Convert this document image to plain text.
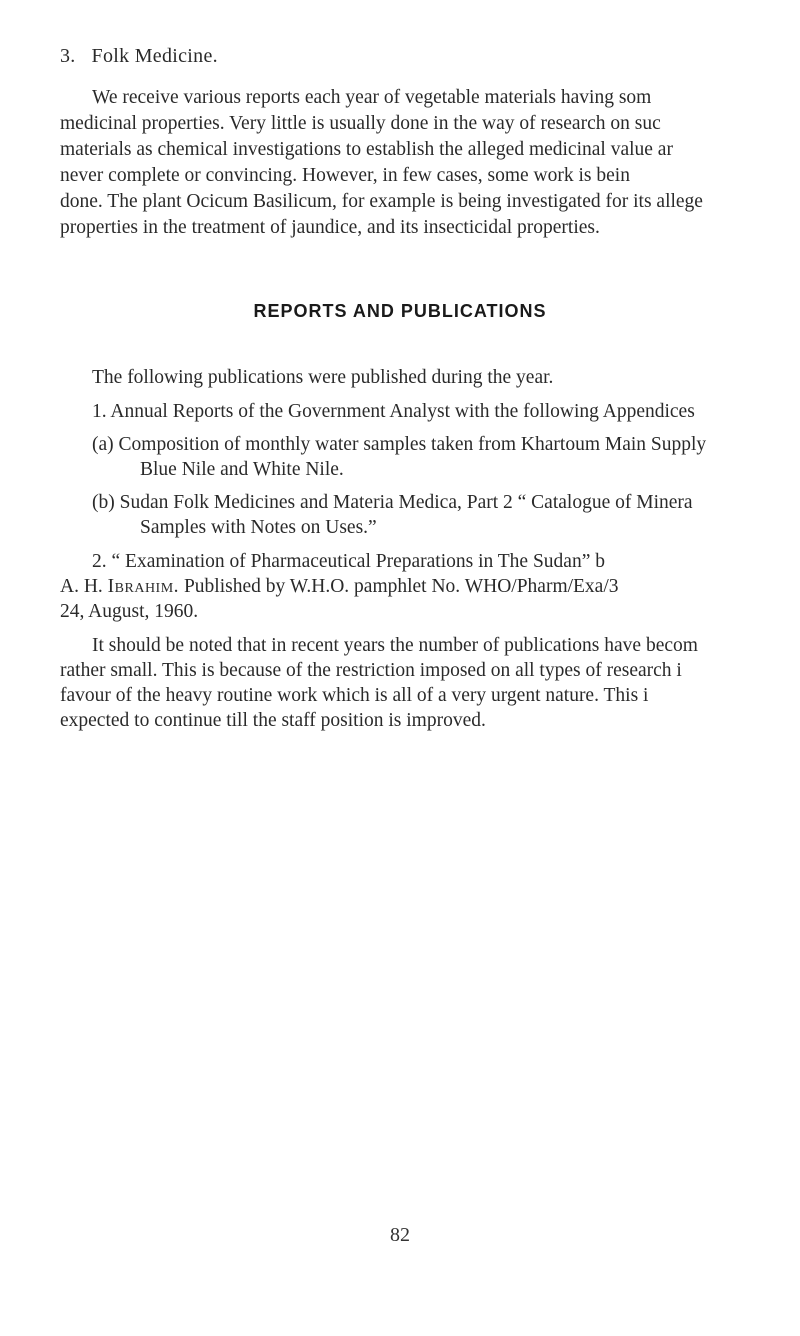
3. Folk Medicine.
We receive various reports each year of vegetable materials having som
medicinal properties. Very little is usually done in the way of research on suc
materials as chemical investigations to establish the alleged medicinal value ar
never complete or convincing. However, in few cases, some work is bein
done. The plant Ocicum Basilicum, for example is being investigated for its allege
properties in the treatment of jaundice, and its insecticidal properties.
REPORTS AND PUBLICATIONS
The following publications were published during the year.
1. Annual Reports of the Government Analyst with the following Appendices
(a) Composition of monthly water samples taken from Khartoum Main Supply
Blue Nile and White Nile.
(b) Sudan Folk Medicines and Materia Medica, Part 2 “ Catalogue of Minera
Samples with Notes on Uses.”
2. “ Examination of Pharmaceutical Preparations in The Sudan” b
A. H. Ibrahim. Published by W.H.O. pamphlet No. WHO/Pharm/Exa/3
24, August, 1960.
It should be noted that in recent years the number of publications have becom
rather small. This is because of the restriction imposed on all types of research i
favour of the heavy routine work which is all of a very urgent nature. This i
expected to continue till the staff position is improved.
82
